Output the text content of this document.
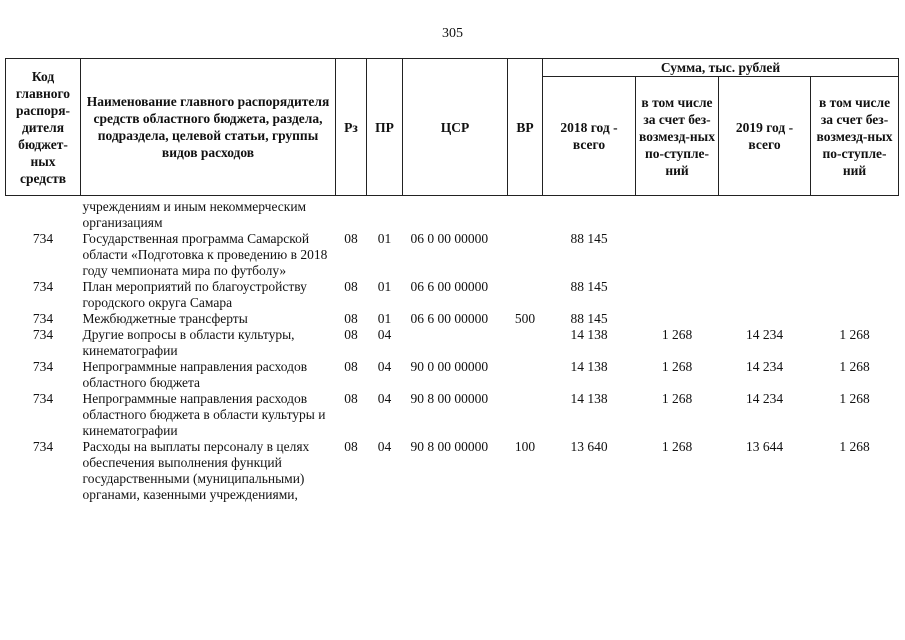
305
Код главного распоря-дителя бюджет-ных средств	Наименование главного распорядителя средств областного бюджета, раздела, подраздела, целевой статьи, группы видов расходов	Рз	ПР	ЦСР	ВР	Сумма, тыс. рублей			
						2018 год - всего	в том числе за счет без-возмезд-ных по-ступле-ний	2019 год - всего	в том числе за счет без-возмезд-ных по-ступле-ний
	учреждениям и иным некоммерческим организациям								
734	Государственная программа Самарской области «Подготовка к проведению в 2018 году чемпионата мира по футболу»	08	01	06 0 00 00000		88 145			
734	План мероприятий по благоустройству городского округа Самара	08	01	06 6 00 00000		88 145			
734	Межбюджетные трансферты	08	01	06 6 00 00000	500	88 145			
734	Другие вопросы в области культуры, кинематографии	08	04			14 138	1 268	14 234	1 268
734	Непрограммные направления расходов областного бюджета	08	04	90 0 00 00000		14 138	1 268	14 234	1 268
734	Непрограммные направления расходов областного бюджета в области культуры и кинематографии	08	04	90 8 00 00000		14 138	1 268	14 234	1 268
734	Расходы на выплаты персоналу в целях обеспечения выполнения функций государственными (муниципальными) органами, казенными учреждениями,	08	04	90 8 00 00000	100	13 640	1 268	13 644	1 268
